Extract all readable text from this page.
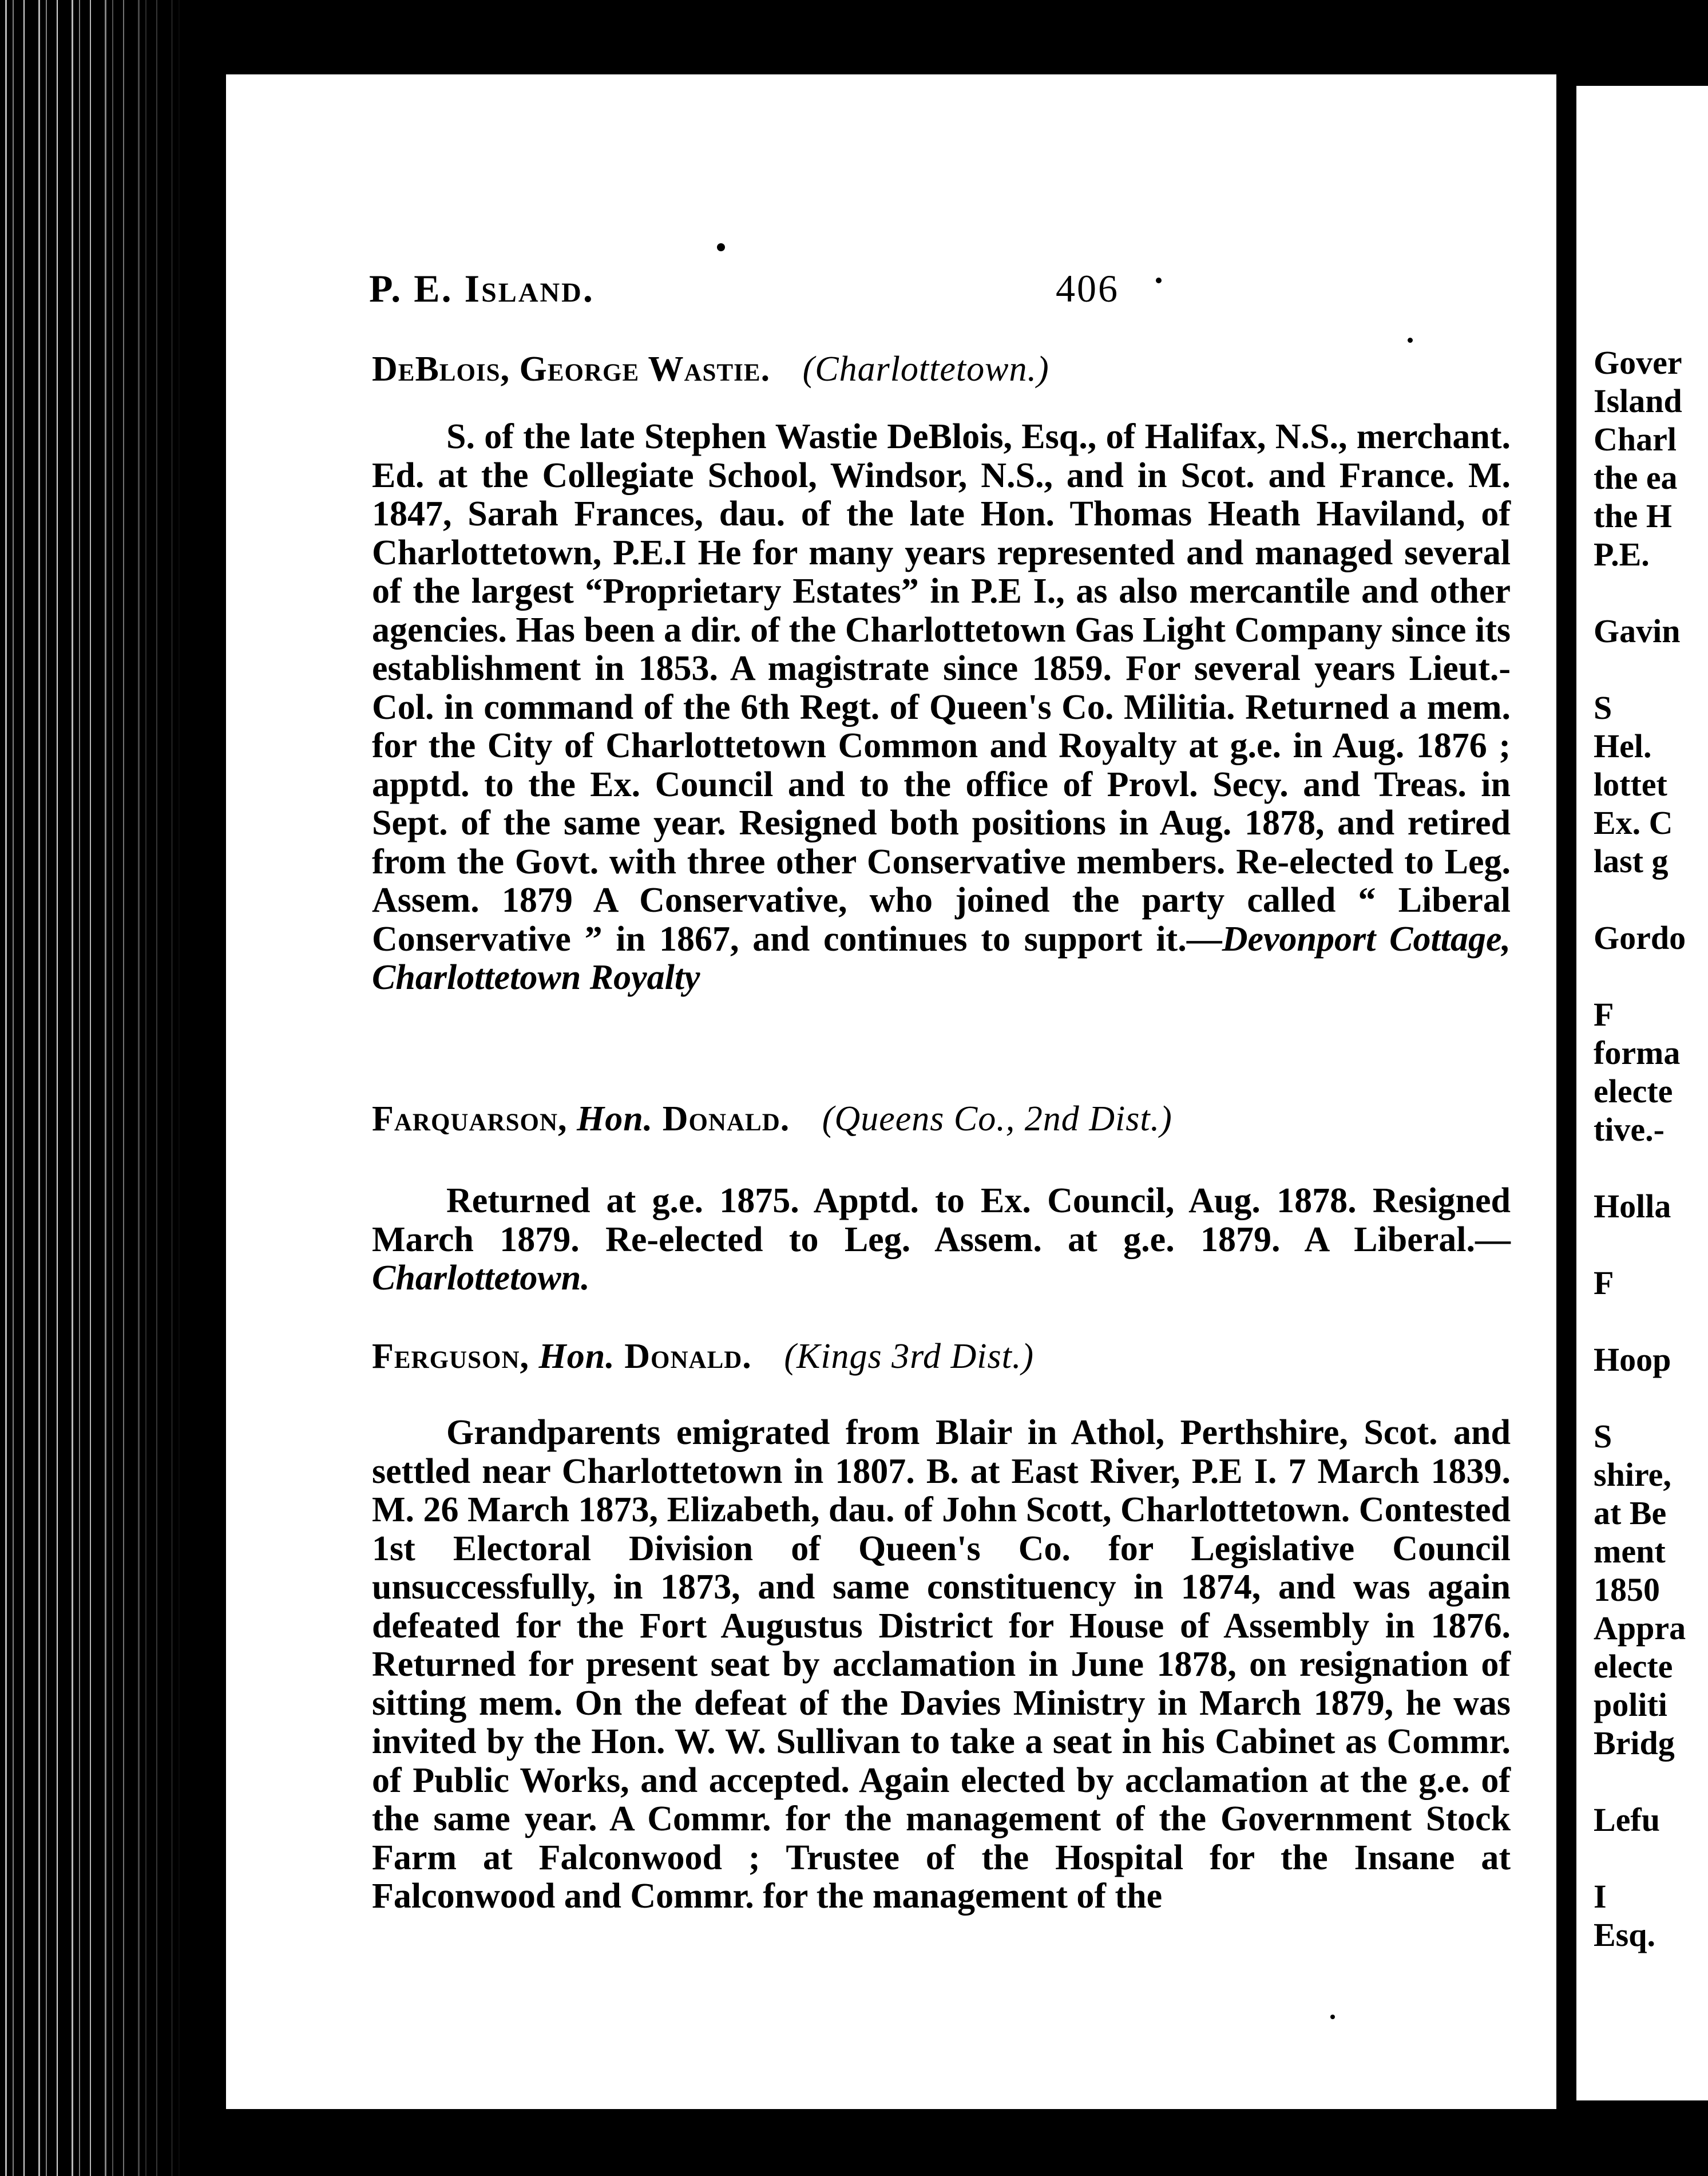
P. E. Island.	406
DeBlois, George Wastie. (Charlottetown.)

S. of the late Stephen Wastie DeBlois, Esq., of Halifax, N.S., merchant. Ed. at the Collegiate School, Windsor, N.S., and in Scot. and France. M. 1847, Sarah Frances, dau. of the late Hon. Thomas Heath Haviland, of Charlottetown, P.E.I He for many years represented and managed several of the largest “Proprietary Estates” in P.E I., as also mercantile and other agencies. Has been a dir. of the Charlottetown Gas Light Company since its establishment in 1853. A magistrate since 1859. For several years Lieut.-Col. in command of the 6th Regt. of Queen's Co. Militia. Returned a mem. for the City of Charlottetown Common and Royalty at g.e. in Aug. 1876 ; apptd. to the Ex. Council and to the office of Provl. Secy. and Treas. in Sept. of the same year. Resigned both positions in Aug. 1878, and retired from the Govt. with three other Conservative members. Re-elected to Leg. Assem. 1879 A Conservative, who joined the party called “ Liberal Conservative ” in 1867, and continues to support it.—Devonport Cottage, Charlottetown Royalty

Farquarson, Hon. Donald. (Queens Co., 2nd Dist.)

Returned at g.e. 1875. Apptd. to Ex. Council, Aug. 1878. Resigned March 1879. Re-elected to Leg. Assem. at g.e. 1879. A Liberal.—Charlottetown.

Ferguson, Hon. Donald. (Kings 3rd Dist.)

Grandparents emigrated from Blair in Athol, Perthshire, Scot. and settled near Charlottetown in 1807. B. at East River, P.E I. 7 March 1839. M. 26 March 1873, Elizabeth, dau. of John Scott, Charlottetown. Contested 1st Electoral Division of Queen's Co. for Legislative Council unsuccessfully, in 1873, and same constituency in 1874, and was again defeated for the Fort Augustus District for House of Assembly in 1876. Returned for present seat by acclamation in June 1878, on resignation of sitting mem. On the defeat of the Davies Ministry in March 1879, he was invited by the Hon. W. W. Sullivan to take a seat in his Cabinet as Commr. of Public Works, and accepted. Again elected by acclamation at the g.e. of the same year. A Commr. for the management of the Government Stock Farm at Falconwood ; Trustee of the Hospital for the Insane at Falconwood and Commr. for the management of the

Gover
Island
Charl
the ea
the H
P.E.
Gavin
S
Hel.
lottet
Ex. C
last g
Gordo
F
forma
electe
tive.-
Holla
F
Hoop
S
shire,
at Be
ment
1850
Appra
electe
politi
Bridg
Lefu
I
Esq.
